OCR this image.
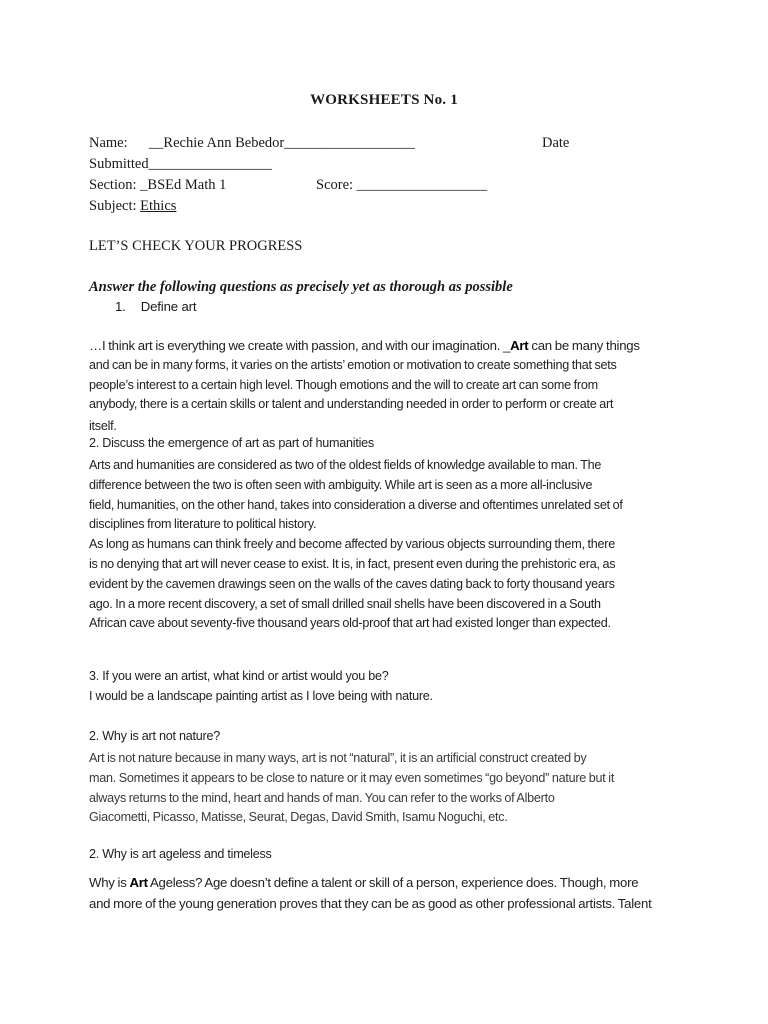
WORKSHEETS No. 1
Name: __Rechie Ann Bebedor__________________	Date
Submitted_________________
Section: _BSEd Math 1	Score: __________________
Subject: Ethics
LET’S CHECK YOUR PROGRESS
Answer the following questions as precisely yet as thorough as possible
1. Define art
…I think art is everything we create with passion, and with our imagination. _Art can be many things
and can be in many forms, it varies on the artists’ emotion or motivation to create something that sets
people’s interest to a certain high level. Though emotions and the will to create art can some from
anybody, there is a certain skills or talent and understanding needed in order to perform or create art
itself.
2. Discuss the emergence of art as part of humanities
Arts and humanities are considered as two of the oldest fields of knowledge available to man. The
difference between the two is often seen with ambiguity. While art is seen as a more all-inclusive
field, humanities, on the other hand, takes into consideration a diverse and oftentimes unrelated set of
disciplines from literature to political history.
As long as humans can think freely and become affected by various objects surrounding them, there
is no denying that art will never cease to exist. It is, in fact, present even during the prehistoric era, as
evident by the cavemen drawings seen on the walls of the caves dating back to forty thousand years
ago. In a more recent discovery, a set of small drilled snail shells have been discovered in a South
African cave about seventy-five thousand years old-proof that art had existed longer than expected.
3. If you were an artist, what kind or artist would you be?
I would be a landscape painting artist as I love being with nature.
2. Why is art not nature?
Art is not nature because in many ways, art is not “natural”, it is an artificial construct created by
man. Sometimes it appears to be close to nature or it may even sometimes “go beyond” nature but it
always returns to the mind, heart and hands of man. You can refer to the works of Alberto
Giacometti, Picasso, Matisse, Seurat, Degas, David Smith, Isamu Noguchi, etc.
2. Why is art ageless and timeless
Why is Art Ageless? Age doesn’t define a talent or skill of a person, experience does. Though, more
and more of the young generation proves that they can be as good as other professional artists. Talent
